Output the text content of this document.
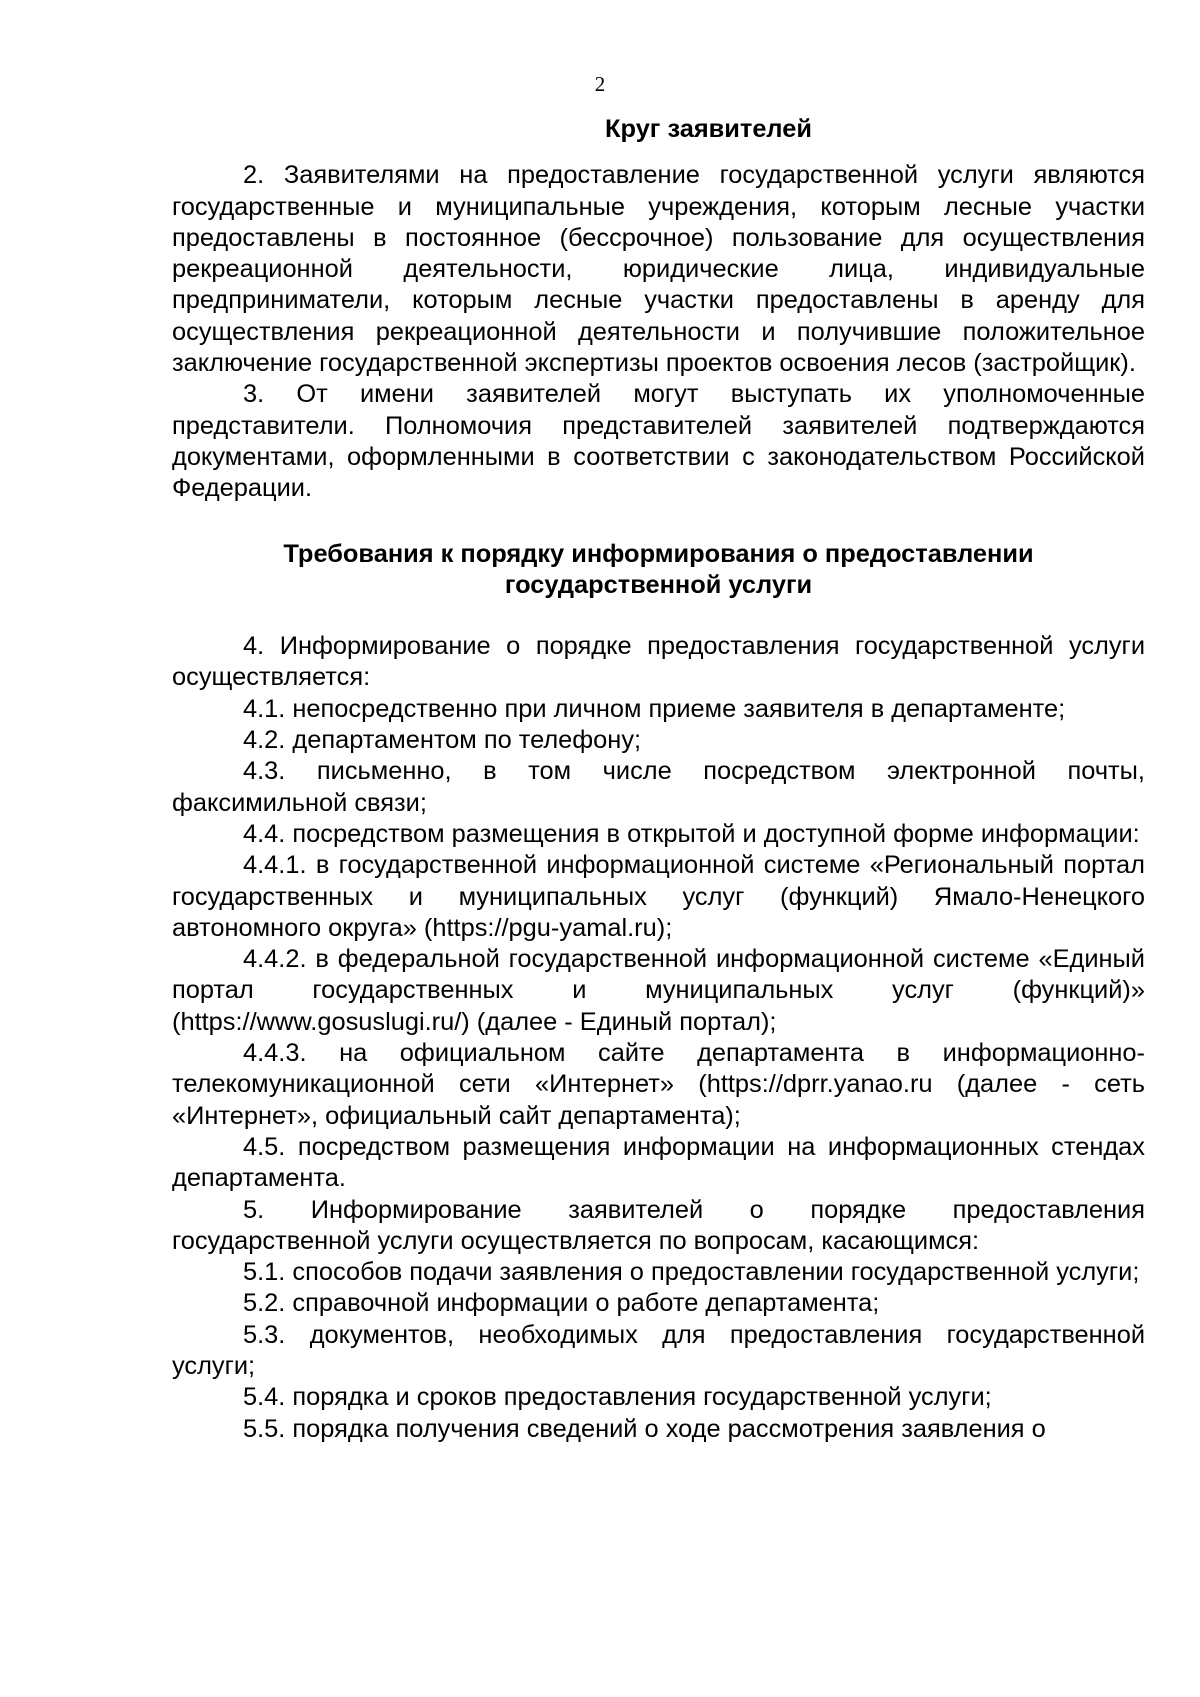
2

Круг заявителей

2. Заявителями на предоставление государственной услуги являются государственные и муниципальные учреждения, которым лесные участки предоставлены в постоянное (бессрочное) пользование для осуществления рекреационной деятельности, юридические лица, индивидуальные предприниматели, которым лесные участки предоставлены в аренду для осуществления рекреационной деятельности и получившие положительное заключение государственной экспертизы проектов освоения лесов (застройщик).

3. От имени заявителей могут выступать их уполномоченные представители. Полномочия представителей заявителей подтверждаются документами, оформленными в соответствии с законодательством Российской Федерации.

Требования к порядку информирования о предоставлении
государственной услуги

4. Информирование о порядке предоставления государственной услуги осуществляется:

4.1. непосредственно при личном приеме заявителя в департаменте;

4.2. департаментом по телефону;

4.3. письменно, в том числе посредством электронной почты, факсимильной связи;

4.4. посредством размещения в открытой и доступной форме информации:

4.4.1. в государственной информационной системе «Региональный портал государственных и муниципальных услуг (функций) Ямало-Ненецкого автономного округа» (https://pgu-yamal.ru);

4.4.2. в федеральной государственной информационной системе «Единый портал государственных и муниципальных услуг (функций)» (https://www.gosuslugi.ru/) (далее - Единый портал);

4.4.3. на официальном сайте департамента в информационно-телекомуникационной сети «Интернет» (https://dprr.yanao.ru (далее - сеть «Интернет», официальный сайт департамента);

4.5. посредством размещения информации на информационных стендах департамента.

5. Информирование заявителей о порядке предоставления государственной услуги осуществляется по вопросам, касающимся:

5.1. способов подачи заявления о предоставлении государственной услуги;

5.2. справочной информации о работе департамента;

5.3. документов, необходимых для предоставления государственной услуги;

5.4. порядка и сроков предоставления государственной услуги;

5.5. порядка получения сведений о ходе рассмотрения заявления о
